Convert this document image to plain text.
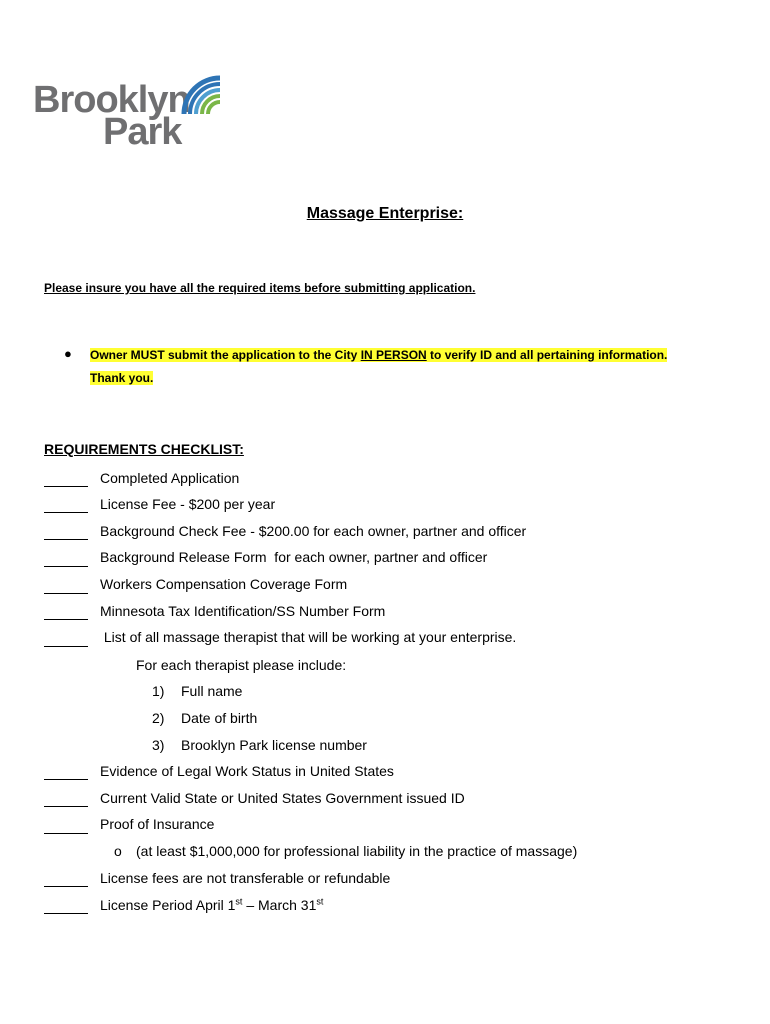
Brooklyn
Park
Massage Enterprise:
Please insure you have all the required items before submitting application.
● Owner MUST submit the application to the City IN PERSON to verify ID and all pertaining information.
Thank you.
REQUIREMENTS CHECKLIST:
Completed Application
License Fee - $200 per year
Background Check Fee - $200.00 for each owner, partner and officer
Background Release Form  for each owner, partner and officer
Workers Compensation Coverage Form
Minnesota Tax Identification/SS Number Form
List of all massage therapist that will be working at your enterprise.
For each therapist please include:
1) Full name
2) Date of birth
3) Brooklyn Park license number
Evidence of Legal Work Status in United States
Current Valid State or United States Government issued ID
Proof of Insurance
o (at least $1,000,000 for professional liability in the practice of massage)
License fees are not transferable or refundable
License Period April 1st – March 31st
